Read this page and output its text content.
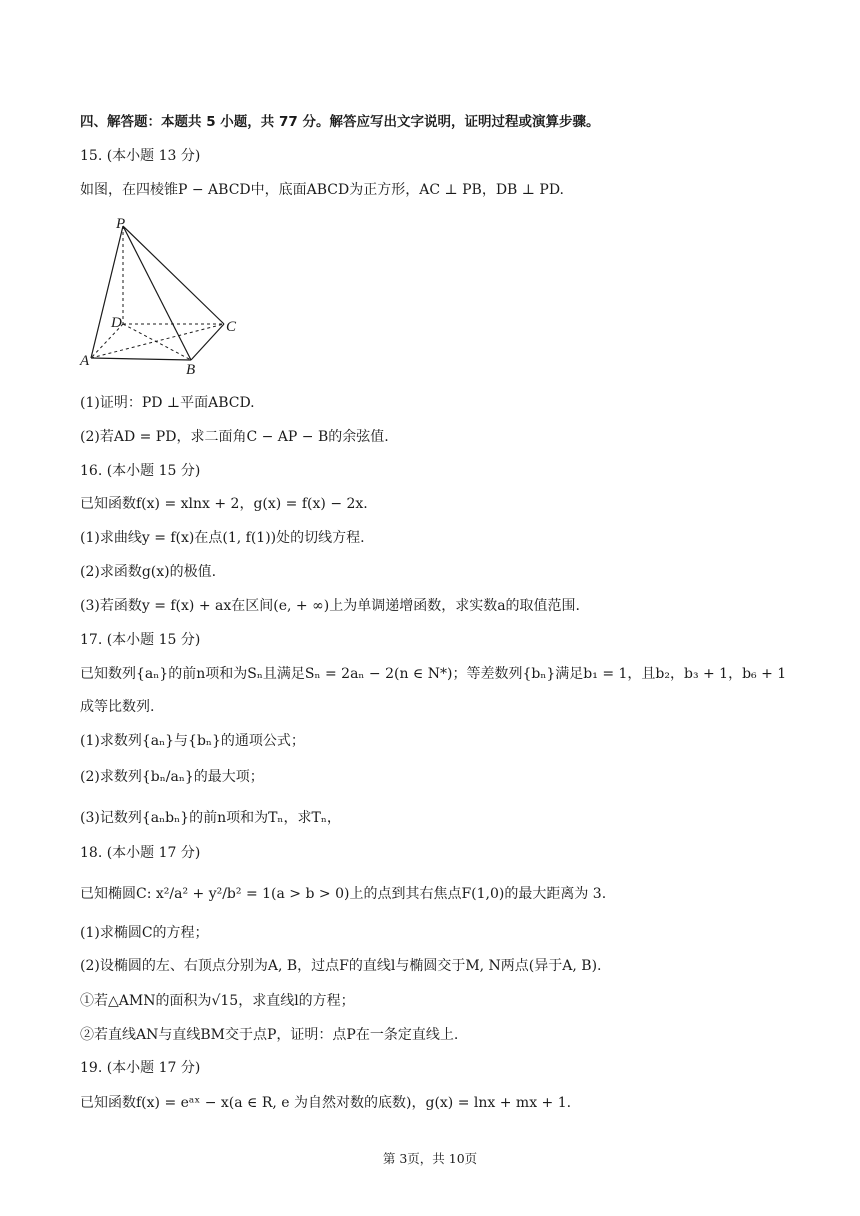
四、解答题：本题共 5 小题，共 77 分。解答应写出文字说明，证明过程或演算步骤。
15. (本小题 13 分)
如图，在四棱锥P − ABCD中，底面ABCD为正方形，AC ⊥ PB，DB ⊥ PD.
P
D	C
A
B
(1)证明：PD ⊥平面ABCD.
(2)若AD = PD，求二面角C − AP − B的余弦值.
16. (本小题 15 分)
已知函数f(x) = xlnx + 2，g(x) = f(x) − 2x.
(1)求曲线y = f(x)在点(1, f(1))处的切线方程.
(2)求函数g(x)的极值.
(3)若函数y = f(x) + ax在区间(e, + ∞)上为单调递增函数，求实数a的取值范围.
17. (本小题 15 分)
已知数列{aₙ}的前n项和为Sₙ且满足Sₙ = 2aₙ − 2(n ∈ N*)；等差数列{bₙ}满足b₁ = 1，且b₂，b₃ + 1，b₆ + 1
成等比数列.
(1)求数列{aₙ}与{bₙ}的通项公式；
(2)求数列{bₙ/aₙ}的最大项；
(3)记数列{aₙbₙ}的前n项和为Tₙ，求Tₙ，
18. (本小题 17 分)
已知椭圆C: x²/a² + y²/b² = 1(a > b > 0)上的点到其右焦点F(1,0)的最大距离为 3.
(1)求椭圆C的方程；
(2)设椭圆的左、右顶点分别为A, B，过点F的直线l与椭圆交于M, N两点(异于A, B).
①若△AMN的面积为√15，求直线l的方程；
②若直线AN与直线BM交于点P，证明：点P在一条定直线上.
19. (本小题 17 分)
已知函数f(x) = eᵃˣ − x(a ∈ R, e 为自然对数的底数)，g(x) = lnx + mx + 1.
第 3页，共 10页
